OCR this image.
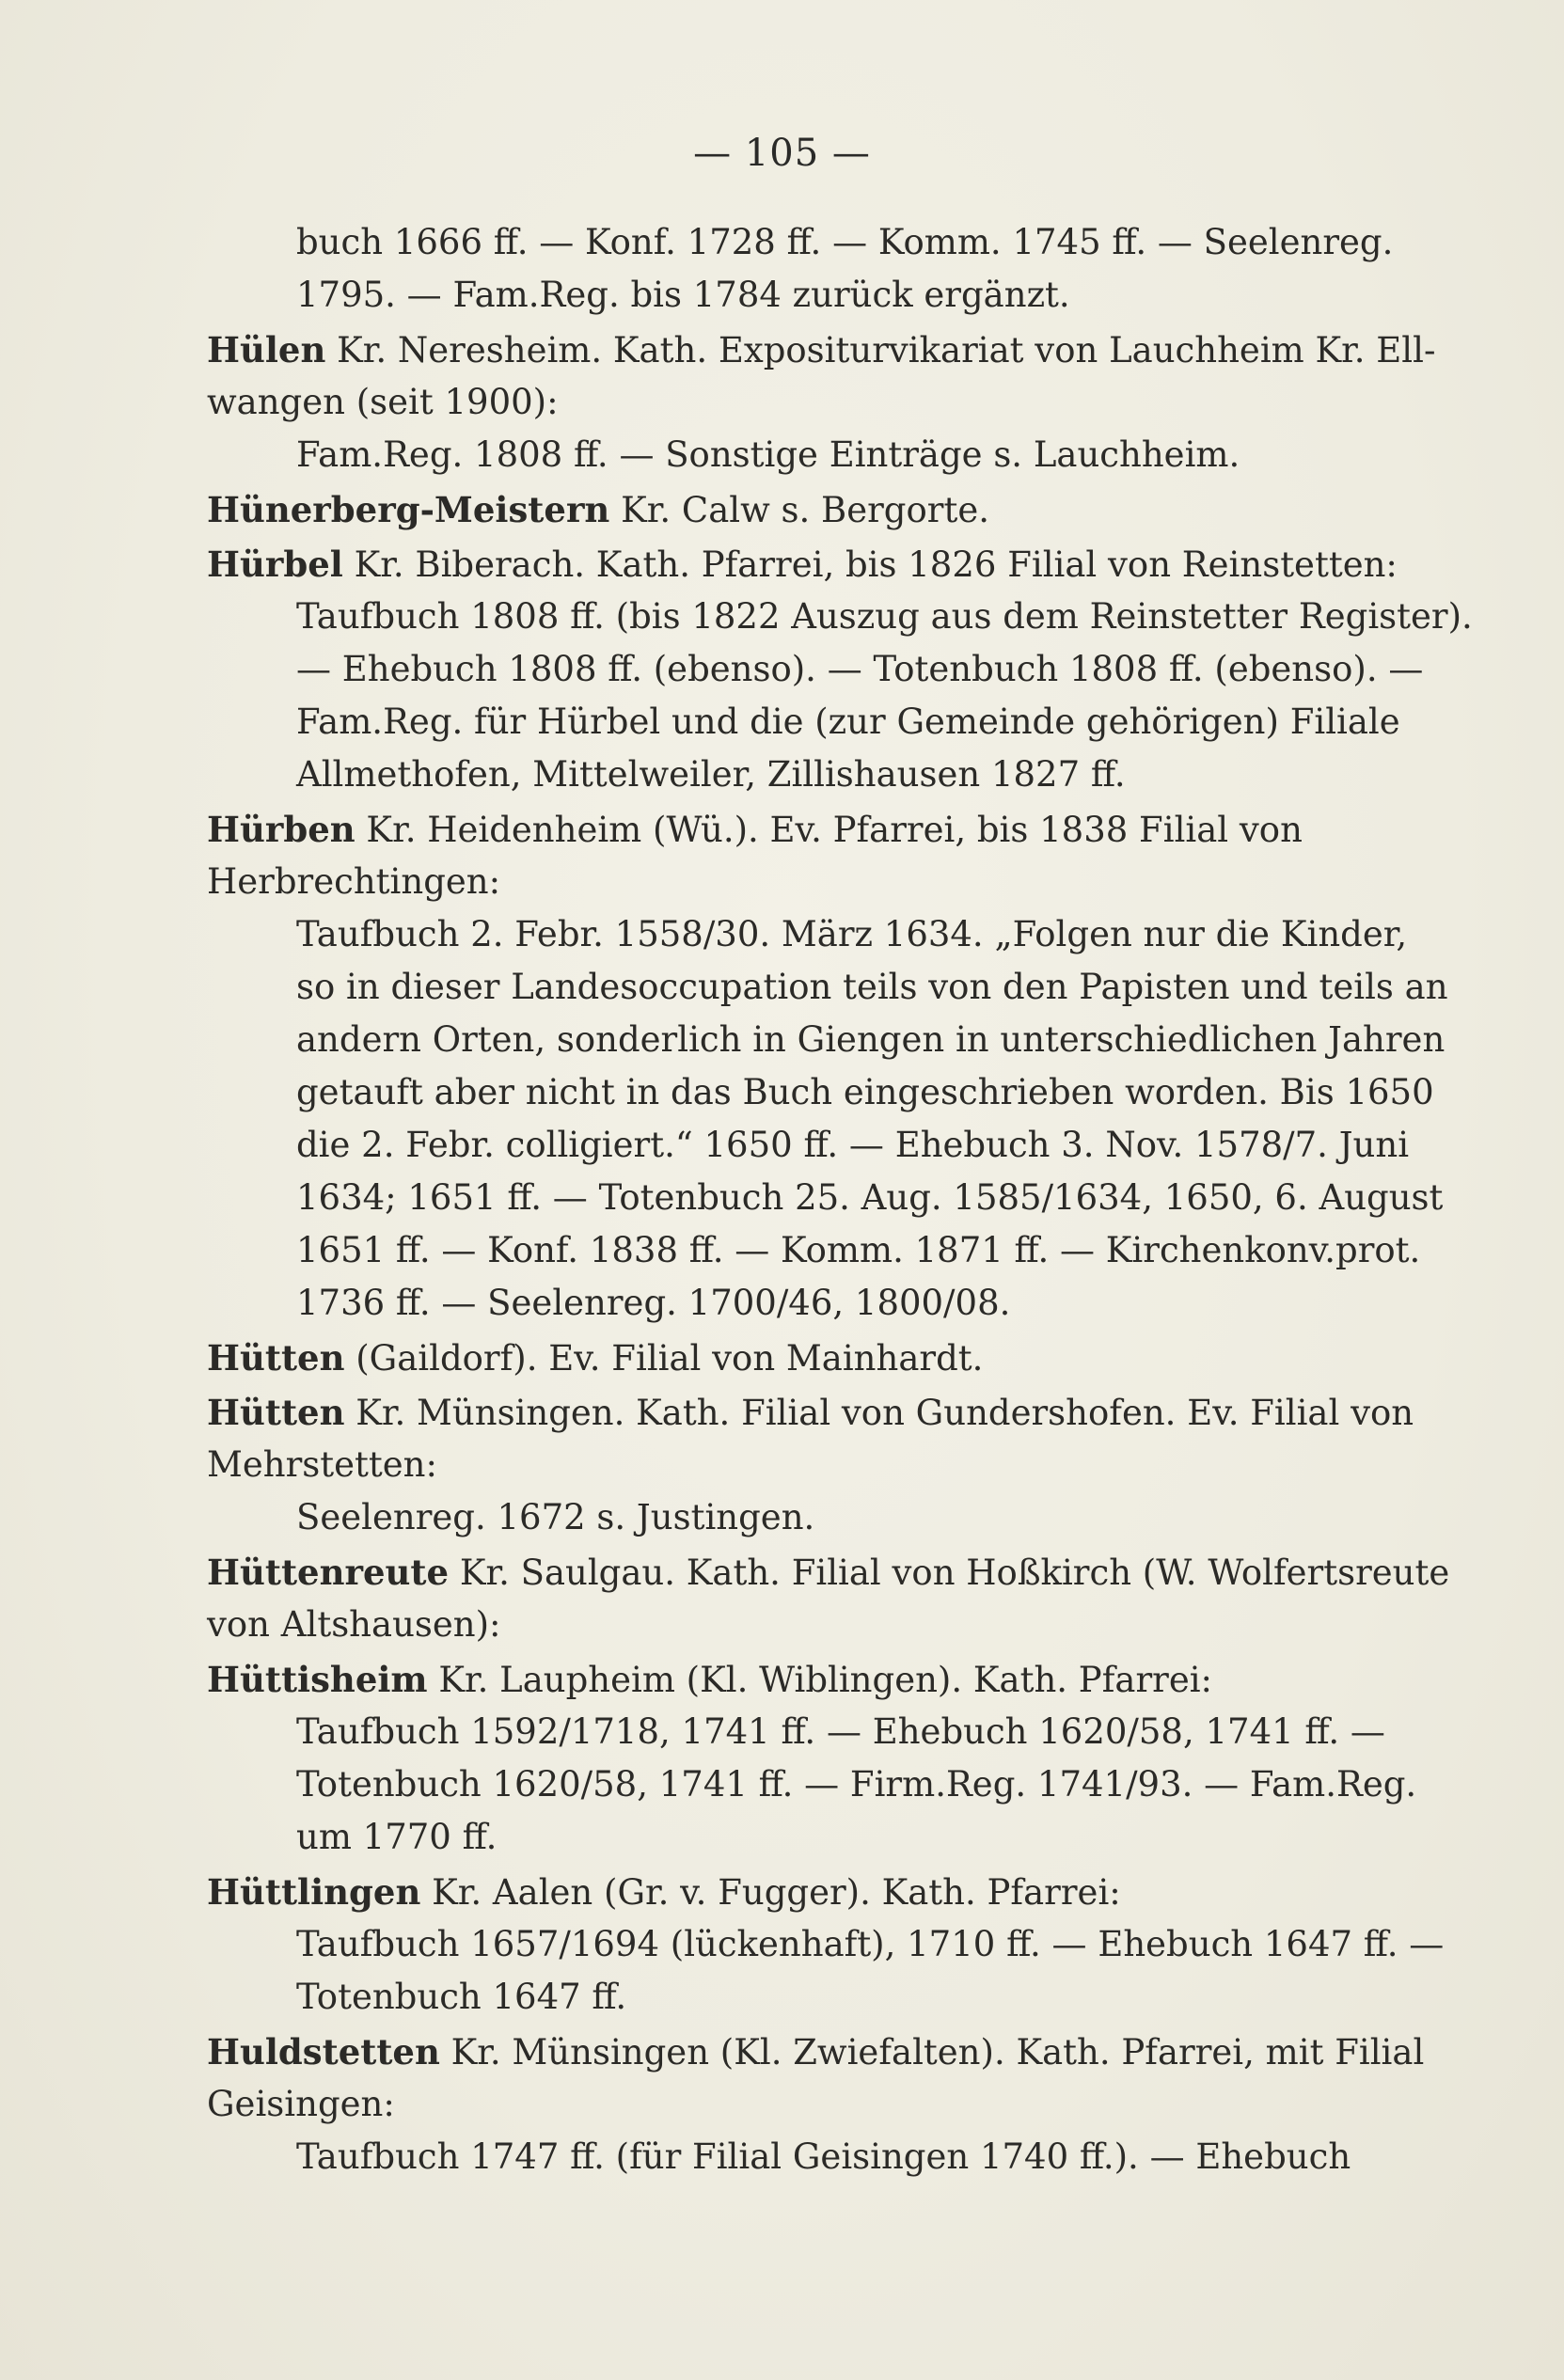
— 105 —
buch 1666 ff. — Konf. 1728 ff. — Komm. 1745 ff. — Seelenreg.
1795. — Fam.Reg. bis 1784 zurück ergänzt.
Hülen Kr. Neresheim. Kath. Expositurvikariat von Lauchheim Kr. Ell-
wangen (seit 1900):
Fam.Reg. 1808 ff. — Sonstige Einträge s. Lauchheim.
Hünerberg-Meistern Kr. Calw s. Bergorte.
Hürbel Kr. Biberach. Kath. Pfarrei, bis 1826 Filial von Reinstetten:
Taufbuch 1808 ff. (bis 1822 Auszug aus dem Reinstetter Register).
— Ehebuch 1808 ff. (ebenso). — Totenbuch 1808 ff. (ebenso). —
Fam.Reg. für Hürbel und die (zur Gemeinde gehörigen) Filiale
Allmethofen, Mittelweiler, Zillishausen 1827 ff.
Hürben Kr. Heidenheim (Wü.). Ev. Pfarrei, bis 1838 Filial von
Herbrechtingen:
Taufbuch 2. Febr. 1558/30. März 1634. „Folgen nur die Kinder,
so in dieser Landesoccupation teils von den Papisten und teils an
andern Orten, sonderlich in Giengen in unterschiedlichen Jahren
getauft aber nicht in das Buch eingeschrieben worden. Bis 1650
die 2. Febr. colligiert.“ 1650 ff. — Ehebuch 3. Nov. 1578/7. Juni
1634; 1651 ff. — Totenbuch 25. Aug. 1585/1634, 1650, 6. August
1651 ff. — Konf. 1838 ff. — Komm. 1871 ff. — Kirchenkonv.prot.
1736 ff. — Seelenreg. 1700/46, 1800/08.
Hütten (Gaildorf). Ev. Filial von Mainhardt.
Hütten Kr. Münsingen. Kath. Filial von Gundershofen. Ev. Filial von
Mehrstetten:
Seelenreg. 1672 s. Justingen.
Hüttenreute Kr. Saulgau. Kath. Filial von Hoßkirch (W. Wolfertsreute
von Altshausen):
Hüttisheim Kr. Laupheim (Kl. Wiblingen). Kath. Pfarrei:
Taufbuch 1592/1718, 1741 ff. — Ehebuch 1620/58, 1741 ff. —
Totenbuch 1620/58, 1741 ff. — Firm.Reg. 1741/93. — Fam.Reg.
um 1770 ff.
Hüttlingen Kr. Aalen (Gr. v. Fugger). Kath. Pfarrei:
Taufbuch 1657/1694 (lückenhaft), 1710 ff. — Ehebuch 1647 ff. —
Totenbuch 1647 ff.
Huldstetten Kr. Münsingen (Kl. Zwiefalten). Kath. Pfarrei, mit Filial
Geisingen:
Taufbuch 1747 ff. (für Filial Geisingen 1740 ff.). — Ehebuch
